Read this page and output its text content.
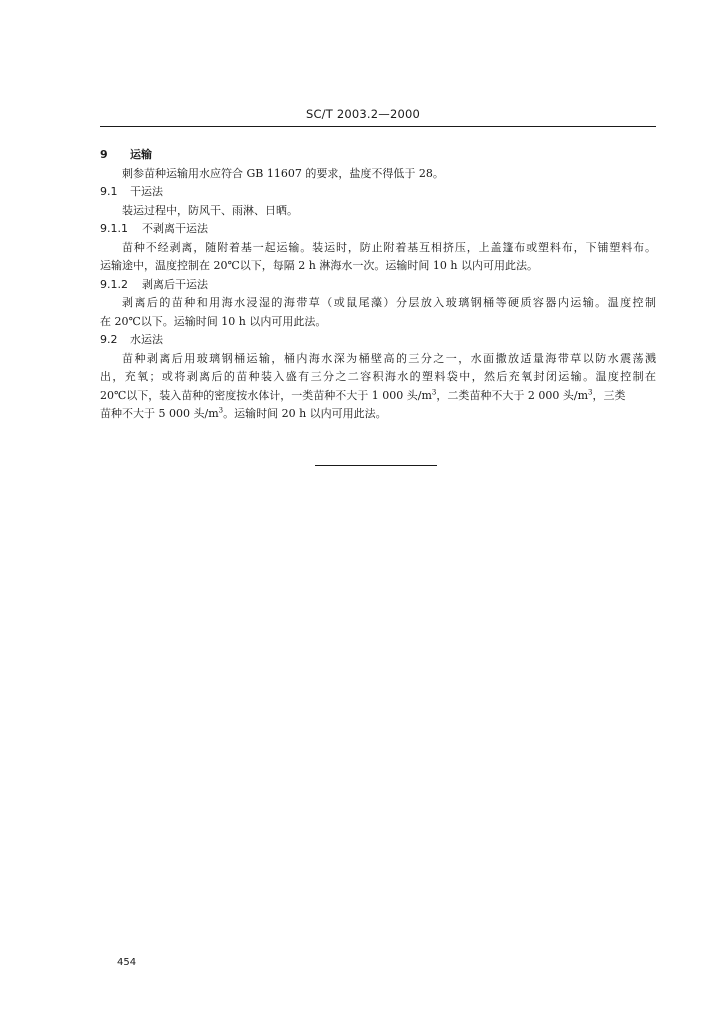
SC/T 2003.2—2000
9 运输
刺参苗种运输用水应符合 GB 11607 的要求，盐度不得低于 28。
9.1 干运法
装运过程中，防风干、雨淋、日晒。
9.1.1 不剥离干运法
苗种不经剥离，随附着基一起运输。装运时，防止附着基互相挤压，上盖篷布或塑料布，下铺塑料布。
运输途中，温度控制在 20℃以下，每隔 2 h 淋海水一次。运输时间 10 h 以内可用此法。
9.1.2 剥离后干运法
剥离后的苗种和用海水浸湿的海带草（或鼠尾藻）分层放入玻璃钢桶等硬质容器内运输。温度控制
在 20℃以下。运输时间 10 h 以内可用此法。
9.2 水运法
苗种剥离后用玻璃钢桶运输，桶内海水深为桶壁高的三分之一，水面撒放适量海带草以防水震荡溅
出，充氧；或将剥离后的苗种装入盛有三分之二容积海水的塑料袋中，然后充氧封闭运输。温度控制在
20℃以下，装入苗种的密度按水体计，一类苗种不大于 1 000 头$/m^3$，二类苗种不大于 2 000 头$/m^3$，三类
苗种不大于 5 000 头$/m^3$。运输时间 20 h 以内可用此法。
454
